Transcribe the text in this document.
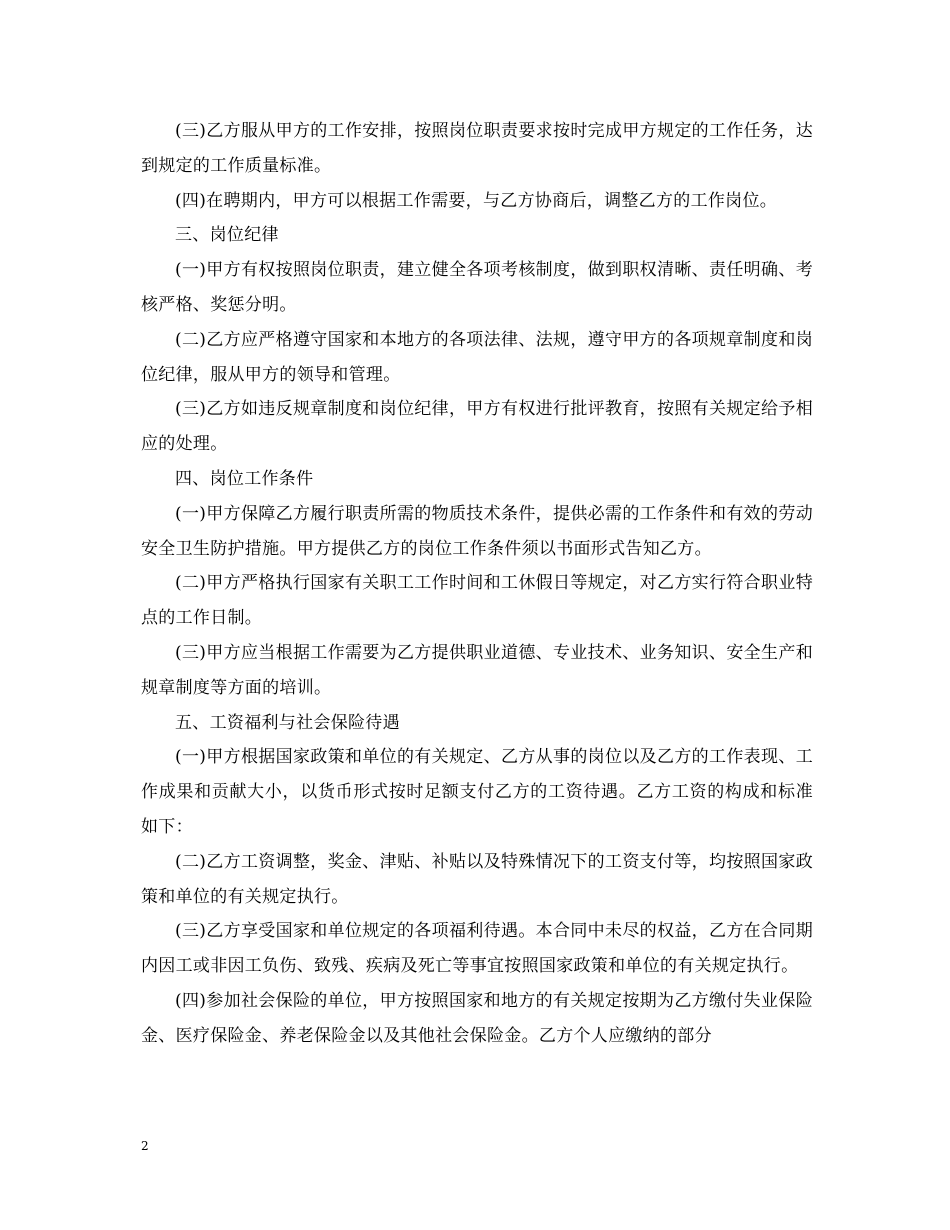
(三)乙方服从甲方的工作安排，按照岗位职责要求按时完成甲方规定的工作任务，达到规定的工作质量标准。

(四)在聘期内，甲方可以根据工作需要，与乙方协商后，调整乙方的工作岗位。

三、岗位纪律

(一)甲方有权按照岗位职责，建立健全各项考核制度，做到职权清晰、责任明确、考核严格、奖惩分明。

(二)乙方应严格遵守国家和本地方的各项法律、法规，遵守甲方的各项规章制度和岗位纪律，服从甲方的领导和管理。

(三)乙方如违反规章制度和岗位纪律，甲方有权进行批评教育，按照有关规定给予相应的处理。

四、岗位工作条件

(一)甲方保障乙方履行职责所需的物质技术条件，提供必需的工作条件和有效的劳动安全卫生防护措施。甲方提供乙方的岗位工作条件须以书面形式告知乙方。

(二)甲方严格执行国家有关职工工作时间和工休假日等规定，对乙方实行符合职业特点的工作日制。

(三)甲方应当根据工作需要为乙方提供职业道德、专业技术、业务知识、安全生产和规章制度等方面的培训。

五、工资福利与社会保险待遇

(一)甲方根据国家政策和单位的有关规定、乙方从事的岗位以及乙方的工作表现、工作成果和贡献大小，以货币形式按时足额支付乙方的工资待遇。乙方工资的构成和标准如下：

(二)乙方工资调整，奖金、津贴、补贴以及特殊情况下的工资支付等，均按照国家政策和单位的有关规定执行。

(三)乙方享受国家和单位规定的各项福利待遇。本合同中未尽的权益，乙方在合同期内因工或非因工负伤、致残、疾病及死亡等事宜按照国家政策和单位的有关规定执行。

(四)参加社会保险的单位，甲方按照国家和地方的有关规定按期为乙方缴付失业保险金、医疗保险金、养老保险金以及其他社会保险金。乙方个人应缴纳的部分

2
